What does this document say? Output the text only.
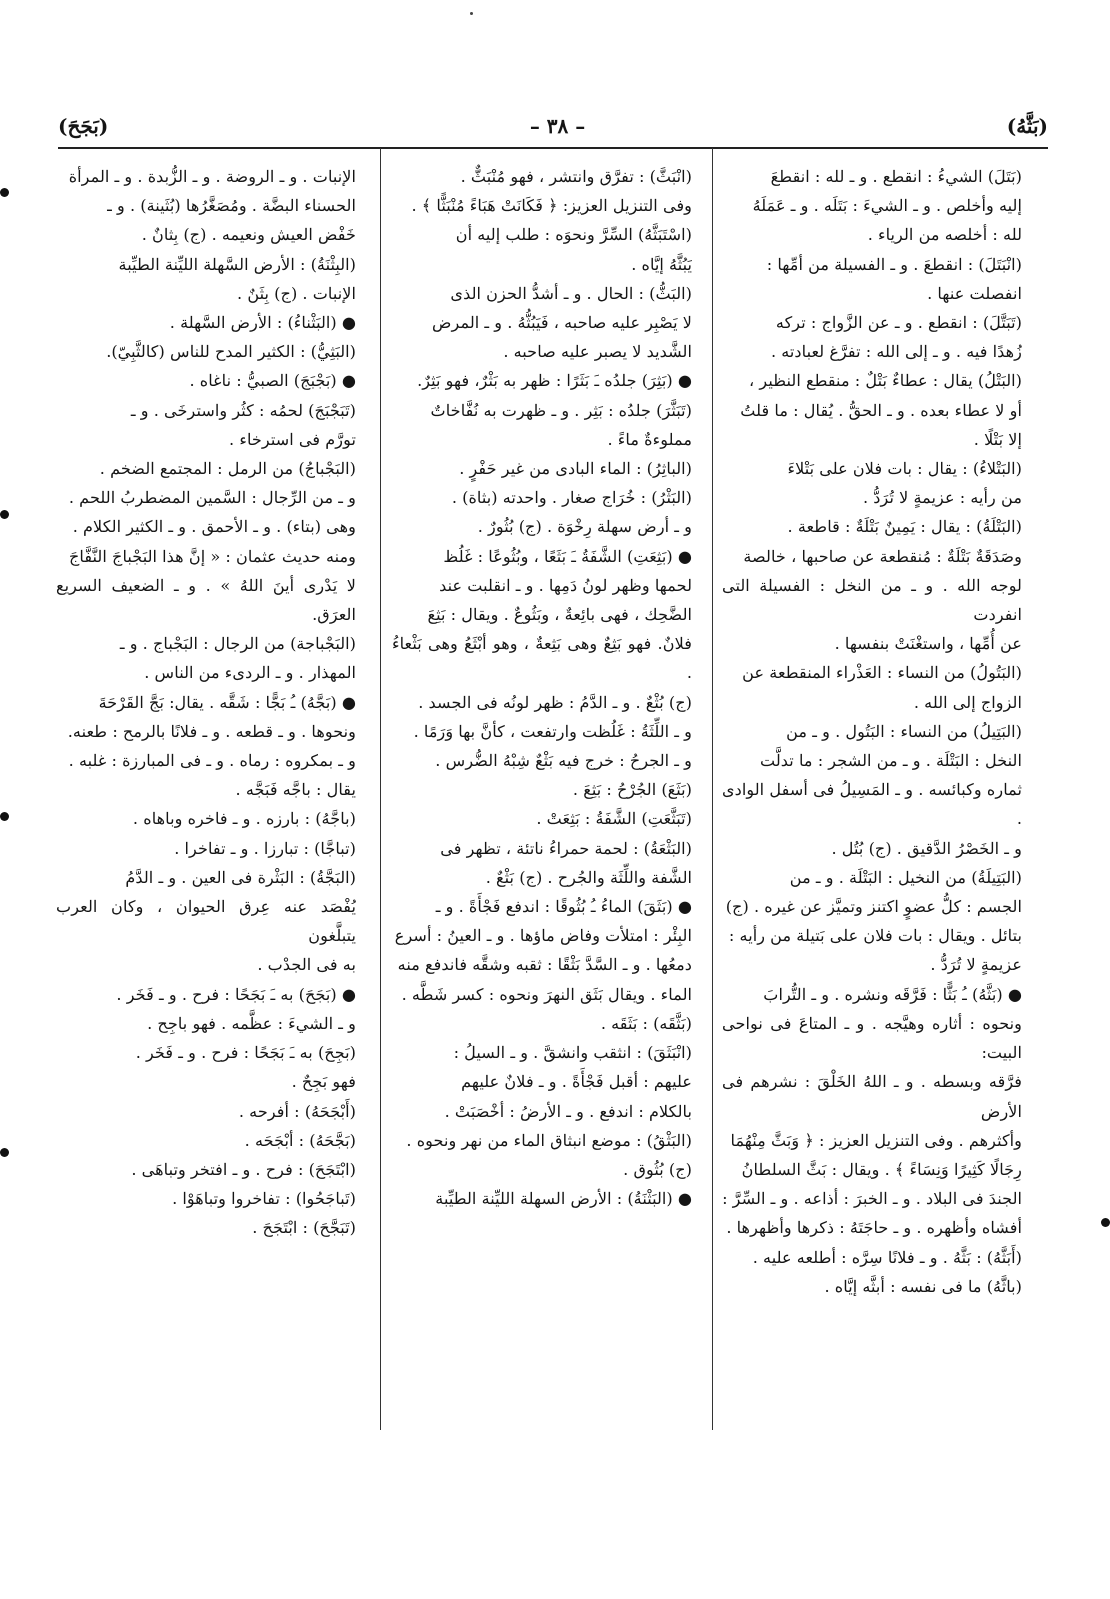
(بَثَّهُ)
– ٣٨ –
(بَجَحَ)

(بَتَلَ) الشيءُ : انقطع . و ـ لله : انقطعَ

إليه وأخلص . و ـ الشيءَ : بَتَلَه . و ـ عَمَلَهُ

لله : أخلصه من الرياء .

(انْبَتَلَ) : انقطعَ . و ـ الفسيلة من أمِّها :

انفصلت عنها .

(تَبَتَّلَ) : انقطع . و ـ عن الزَّواج : تركه

زُهدًا فيه . و ـ إلى الله : تفرَّغ لعبادته .

(البَتْلُ) يقال : عطاءٌ بَتْلٌ : منقطع النظير ،

أو لا عطاء بعده . و ـ الحقُّ . يُقال : ما قلتُ

إلا بَتْلًا .

(البَتْلاءُ) : يقال : بات فلان على بَتْلاءَ

من رأيه : عزيمةٍ لا تُرَدُّ .

(البَتْلَةُ) : يقال : يَمِينٌ بَتْلَةٌ : قاطعة .

وصَدَقَةٌ بَتْلَةٌ : مُنقطعة عن صاحبها ، خالصة

لوجه الله . و ـ من النخل : الفسيلة التى انفردت

عن أُمِّها ، واستغْنَتْ بنفسها .

(البَتُولُ) من النساء : العَذْراء المنقطعة عن

الزواج إلى الله .

(البَتِيلُ) من النساء : البَتُول . و ـ من

النخل : البَتْلَة . و ـ من الشجر : ما تدلَّت

ثماره وكبائسه . و ـ المَسِيلُ فى أسفل الوادى .

و ـ الخَصْرُ الدَّقيق . (ج) بُتُل .

(البَتِيلَةُ) من النخيل : البَتْلَة . و ـ من

الجسم : كلُّ عضوٍ اكتنز وتميَّز عن غيره . (ج)

بتائل . ويقال : بات فلان على بَتيلة من رأيه :

عزيمةٍ لا تُرَدُّ .

● (بَثَّهُ) ـُ بَثًّا : فَرَّقَه ونشره . و ـ التُّرابَ

ونحوه : أثاره وهيَّجه . و ـ المتاعَ فى نواحى البيت:

فرَّقه وبسطه . و ـ اللهُ الخَلْقَ : نشرهم فى الأرض

وأكثرهم . وفى التنزيل العزيز : ﴿ وَبَثَّ مِنْهُمَا

رِجَالًا كَثِيرًا وَنِسَاءً ﴾ . ويقال : بَثَّ السلطانُ

الجندَ فى البلاد . و ـ الخبرَ : أذاعه . و ـ السِّرَّ :

أفشاه وأظهره . و ـ حاجَتَهُ : ذكرها وأظهرها .

(أَبَثَّهُ) : بَثَّهُ . و ـ فلانًا سِرَّه : أطلعه عليه .

(باثَّهُ) ما فى نفسه : أبثَّه إيَّاه .

(انْبَثَّ) : تفرَّق وانتشر ، فهو مُنْبَثٌّ .

وفى التنزيل العزيز: ﴿ فَكَانَتْ هَبَاءً مُنْبَثًّا ﴾ .

(اسْتَبَثَّهُ) السِّرَّ ونحوَه : طلب إليه أن

يَبُثَّهُ إيَّاه .

(البَثُّ) : الحال . و ـ أشدُّ الحزن الذى

لا يَصْبِر عليه صاحبه ، فَيَبُثُّهُ . و ـ المرض

الشَّديد لا يصبر عليه صاحبه .

● (بَثِرَ) جلدُه ـَ بَثَرًا : ظهر به بَثْرٌ، فهو بَثِرٌ.

(تَبَثَّرَ) جلدُه : بَثِر . و ـ ظهرت به نُفَّاخاتٌ

مملوءةٌ ماءً .

(الباثِرُ) : الماء البادى من غير حَفْرٍ .

(البَثْرُ) : خُرَاج صغار . واحدته (بثاة) .

و ـ أرض سهلة رِخْوَة . (ج) بُثُورٌ .

● (بَثِعَتِ) الشَّفَةُ ـَ بَثَعًا ، وبُثُوعًا : غَلُظ

لحمها وظهر لونُ دَمِها . و ـ انقلبت عند

الضَّحِك ، فهى بائِعةٌ ، وبَثُوعٌ . ويقال : بَثِعَ

فلانٌ. فهو بَثِعٌ وهى بَثِعةٌ ، وهو أبْثَعُ وهى بَثْعاءُ .

(ج) بُثْعٌ . و ـ الدَّمُ : ظهر لونُه فى الجسد .

و ـ اللِّثَةُ : غَلُظت وارتفعت ، كأنَّ بها وَرَمًا .

و ـ الجرحُ : خرج فيه بَثْعٌ شِبْهُ الضُّرس .

(بَثَعَ) الجُرْحُ : بَثِعَ .

(تَبَثَّعَتِ) الشَّفَةُ : بَثِعَتْ .

(البَثْعَةُ) : لحمة حمراءُ ناتئة ، تظهر فى

الشَّفة واللِّثَة والجُرح . (ج) بَثْعٌ .

● (بَثَقَ) الماءُ ـُ بُثُوقًا : اندفع فَجْأَةً . و ـ

البِئْر : امتلأت وفاض ماؤها . و ـ العينُ : أسرع

دمعُها . و ـ السَّدَّ بَثْقًا : ثقبه وشقَّه فاندفع منه

الماء . ويقال بَثَق النهرَ ونحوه : كسر شَطَّه .

(بَثَّقَه) : بَثَقَه .

(انْبَثَقَ) : انثقب وانشقَّ . و ـ السيلُ :

عليهم : أقبل فَجْأَةً . و ـ فلانٌ عليهم

بالكلام : اندفع . و ـ الأرضُ : أخْصَبَتْ .

(البَثْقُ) : موضع انبثاق الماء من نهر ونحوه .

(ج) بُثُوق .

● (البَثْنَةُ) : الأرض السهلة الليِّنة الطيِّبة

الإنبات . و ـ الروضة . و ـ الزُّبدة . و ـ المرأة

الحسناء البضَّة . ومُصَغَّرُها (بُثَينة) . و ـ

خَفْض العيش ونعيمه . (ج) بِثانٌ .

(البِثْنَةُ) : الأرض السَّهلة الليِّنة الطيِّبة

الإنبات . (ج) بِثَنٌ .

● (البَثْناءُ) : الأرض السَّهلة .

(البَثِيُّ) : الكثير المدح للناس (كالثَّبِيّ).

● (بَجْبَجَ) الصبيُّ : ناغاه .

(تَبَجْبَجَ) لحمُه : كثُر واسترخَى . و ـ

تورَّم فى استرخاء .

(البَجْباجُ) من الرمل : المجتمع الضخم .

و ـ من الرِّجال : السَّمين المضطربُ اللحم .

وهى (بتاء) . و ـ الأحمق . و ـ الكثير الكلام .

ومنه حديث عثمان : « إنَّ هذا البَجْباجَ النَّفَّاجَ

لا يَدْرى أينَ اللهُ » . و ـ الضعيف السريع العرَق.

(البَجْباجة) من الرجال : البَجْباج . و ـ

المهذار . و ـ الردىء من الناس .

● (بَجَّهُ) ـُ بَجًّا : شَقَّه . يقال: بَجَّ القَرْحَةَ

ونحوها . و ـ قطعه . و ـ فلانًا بالرمح : طعنه.

و ـ بمكروه : رماه . و ـ فى المبارزة : غلبه .

يقال : باجَّه فَبَجَّه .

(باجَّهُ) : بارزه . و ـ فاخره وباهاه .

(تباجَّا) : تبارزا . و ـ تفاخرا .

(البَجَّةُ) : البَثْرة فى العين . و ـ الدَّمُ

يُفْصَد عنه عِرق الحيوان ، وكان العرب يتبلَّغون

به فى الجدْب .

● (بَجَحَ) به ـَ بَجَحًا : فرح . و ـ فَخَر .

و ـ الشيءَ : عظَّمه . فهو باجِح .

(بَجِحَ) به ـَ بَجَحًا : فرح . و ـ فَخَر .

فهو بَجِحٌ .

(أَبْجَحَهُ) : أفرحه .

(بَجَّحَهُ) : أبْجَحَه .

(ابْتَجَحَ) : فرح . و ـ افتخر وتباهَى .

(تَباجَحُوا) : تفاخروا وتباهَوْا .

(تَبَجَّحَ) : ابْتَجَحَ .
